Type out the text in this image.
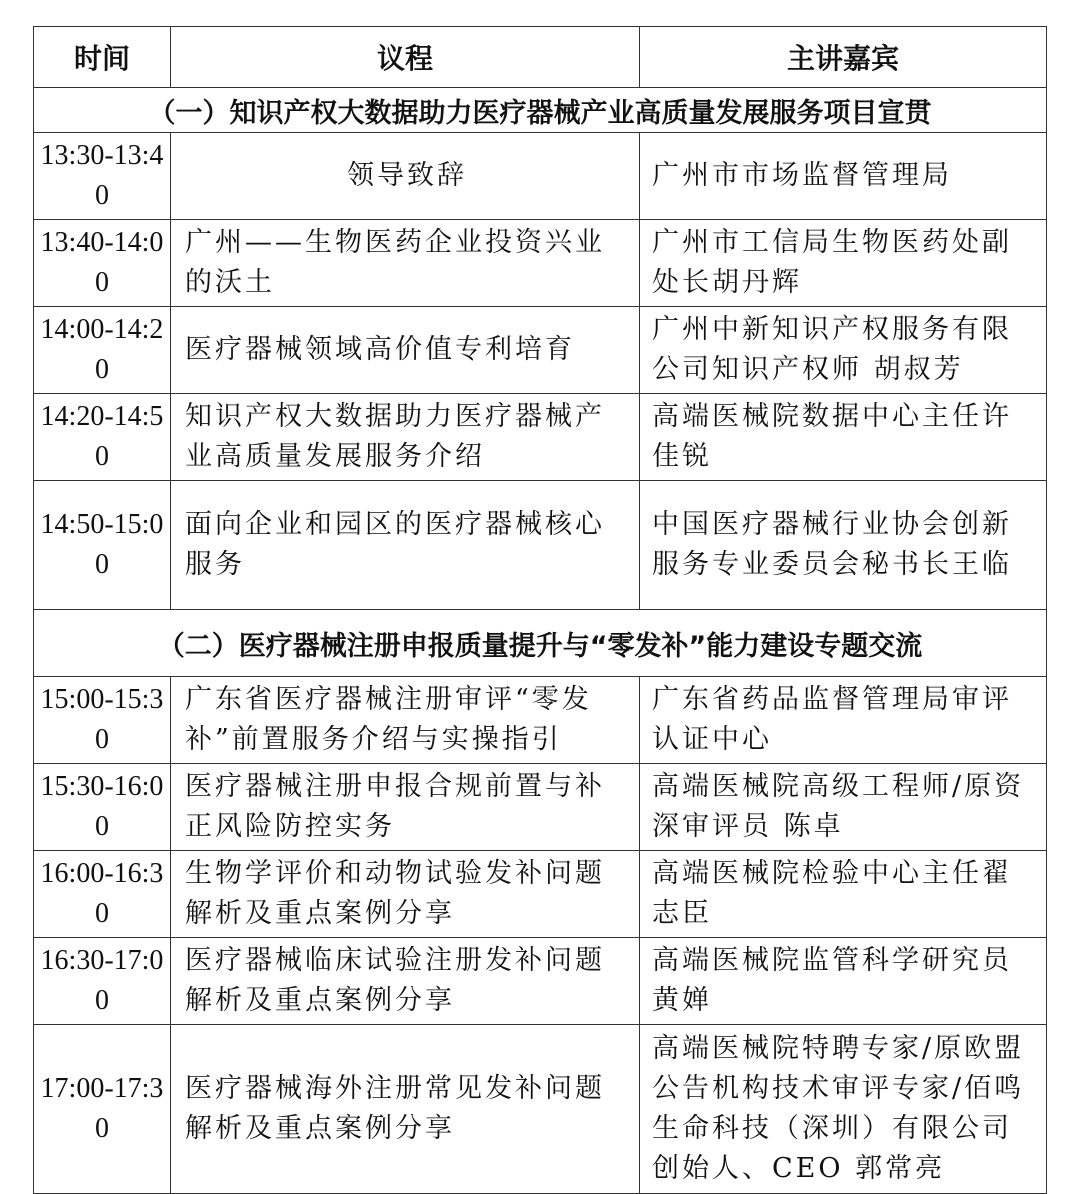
时间	议程	主讲嘉宾
（一）知识产权大数据助力医疗器械产业高质量发展服务项目宣贯		
13:30-13:40	领导致辞	广州市市场监督管理局
13:40-14:00	广州——生物医药企业投资兴业的沃土	广州市工信局生物医药处副处长胡丹辉
14:00-14:20	医疗器械领域高价值专利培育	广州中新知识产权服务有限公司知识产权师 胡叔芳
14:20-14:50	知识产权大数据助力医疗器械产业高质量发展服务介绍	高端医械院数据中心主任许佳锐
14:50-15:00	面向企业和园区的医疗器械核心服务	中国医疗器械行业协会创新服务专业委员会秘书长王临
（二）医疗器械注册申报质量提升与“零发补”能力建设专题交流		
15:00-15:30	广东省医疗器械注册审评“零发补”前置服务介绍与实操指引	广东省药品监督管理局审评认证中心
15:30-16:00	医疗器械注册申报合规前置与补正风险防控实务	高端医械院高级工程师/原资深审评员 陈卓
16:00-16:30	生物学评价和动物试验发补问题解析及重点案例分享	高端医械院检验中心主任翟志臣
16:30-17:00	医疗器械临床试验注册发补问题解析及重点案例分享	高端医械院监管科学研究员 黄婵
17:00-17:30	医疗器械海外注册常见发补问题解析及重点案例分享	高端医械院特聘专家/原欧盟公告机构技术审评专家/佰鸣生命科技（深圳）有限公司创始人、CEO 郭常亮
